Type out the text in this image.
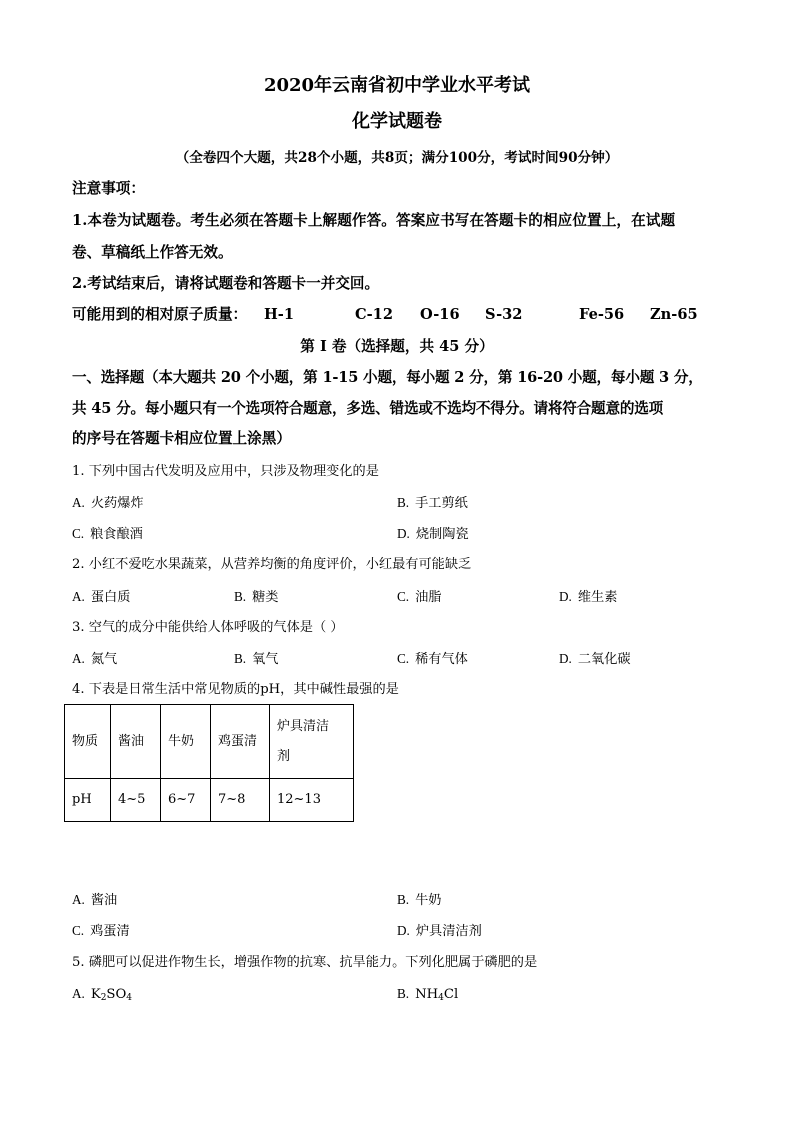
2020年云南省初中学业水平考试
化学试题卷
（全卷四个大题，共28个小题，共8页；满分100分，考试时间90分钟）
注意事项：
1.本卷为试题卷。考生必须在答题卡上解题作答。答案应书写在答题卡的相应位置上，在试题
卷、草稿纸上作答无效。
2.考试结束后，请将试题卷和答题卡一并交回。
可能用到的相对原子质量： H-1	C-12 O-16 S-32	Fe-56 Zn-65
第 I 卷（选择题，共 45 分）
一、选择题（本大题共 20 个小题，第 1-15 小题，每小题 2 分，第 16-20 小题，每小题 3 分，
共 45 分。每小题只有一个选项符合题意，多选、错选或不选均不得分。请将符合题意的选项
的序号在答题卡相应位置上涂黑）
1. 下列中国古代发明及应用中，只涉及物理变化的是
A. 火药爆炸	B. 手工剪纸
C. 粮食酿酒	D. 烧制陶瓷
2. 小红不爱吃水果蔬菜，从营养均衡的角度评价，小红最有可能缺乏
A. 蛋白质	B. 糖类	C. 油脂	D. 维生素
3. 空气的成分中能供给人体呼吸的气体是（ ）
A. 氮气	B. 氧气	C. 稀有气体	D. 二氧化碳
4. 下表是日常生活中常见物质的pH，其中碱性最强的是
物质	酱油	牛奶	鸡蛋清	炉具清洁
剂

pH	4~5	6~7	7~8	12~13
A. 酱油	B. 牛奶
C. 鸡蛋清	D. 炉具清洁剂
5. 磷肥可以促进作物生长，增强作物的抗寒、抗旱能力。下列化肥属于磷肥的是
A. $K_2SO_4$	B. $NH_4Cl$
